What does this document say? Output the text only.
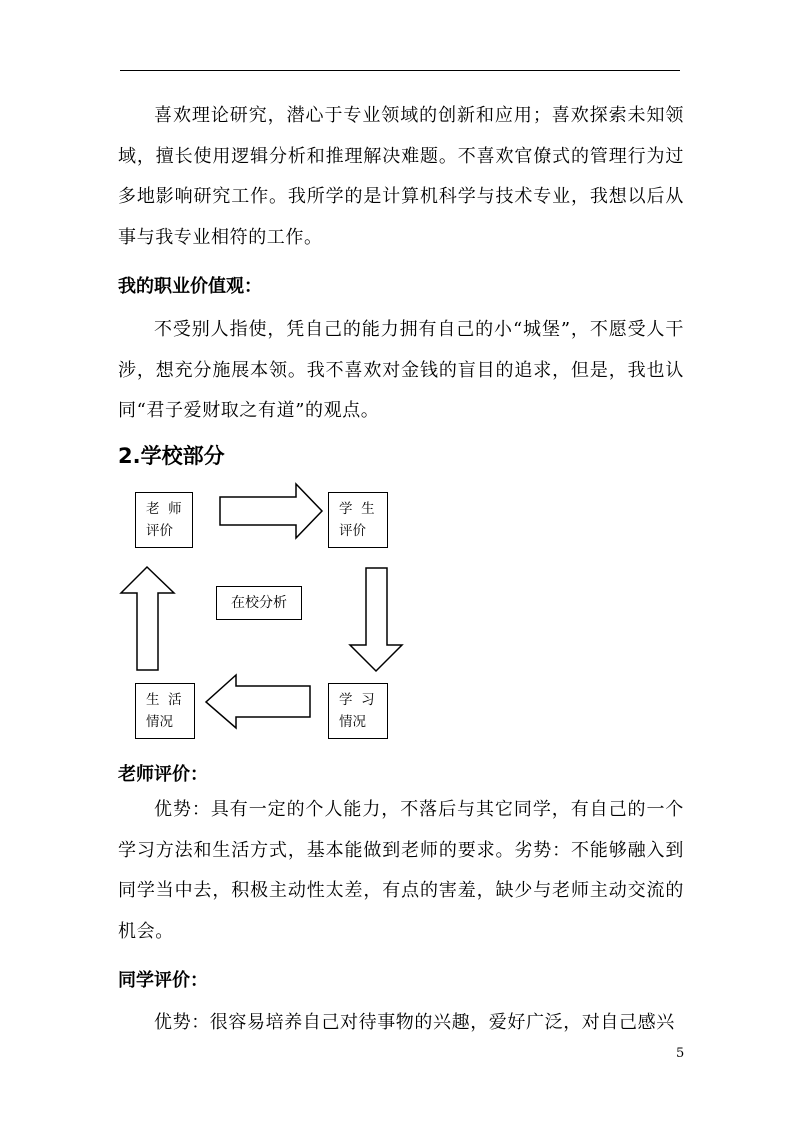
喜欢理论研究，潜心于专业领域的创新和应用；喜欢探索未知领域，擅长使用逻辑分析和推理解决难题。不喜欢官僚式的管理行为过多地影响研究工作。我所学的是计算机科学与技术专业，我想以后从事与我专业相符的工作。

我的职业价值观：

不受别人指使，凭自己的能力拥有自己的小“城堡”，不愿受人干涉，想充分施展本领。我不喜欢对金钱的盲目的追求，但是，我也认同“君子爱财取之有道”的观点。

2.学校部分

老  师
评价
学  生
评价
在校分析
学  习
情况
生  活
情况

老师评价：

优势：具有一定的个人能力，不落后与其它同学，有自己的一个学习方法和生活方式，基本能做到老师的要求。劣势：不能够融入到同学当中去，积极主动性太差，有点的害羞，缺少与老师主动交流的机会。

同学评价：

优势：很容易培养自己对待事物的兴趣，爱好广泛，对自己感兴

5
